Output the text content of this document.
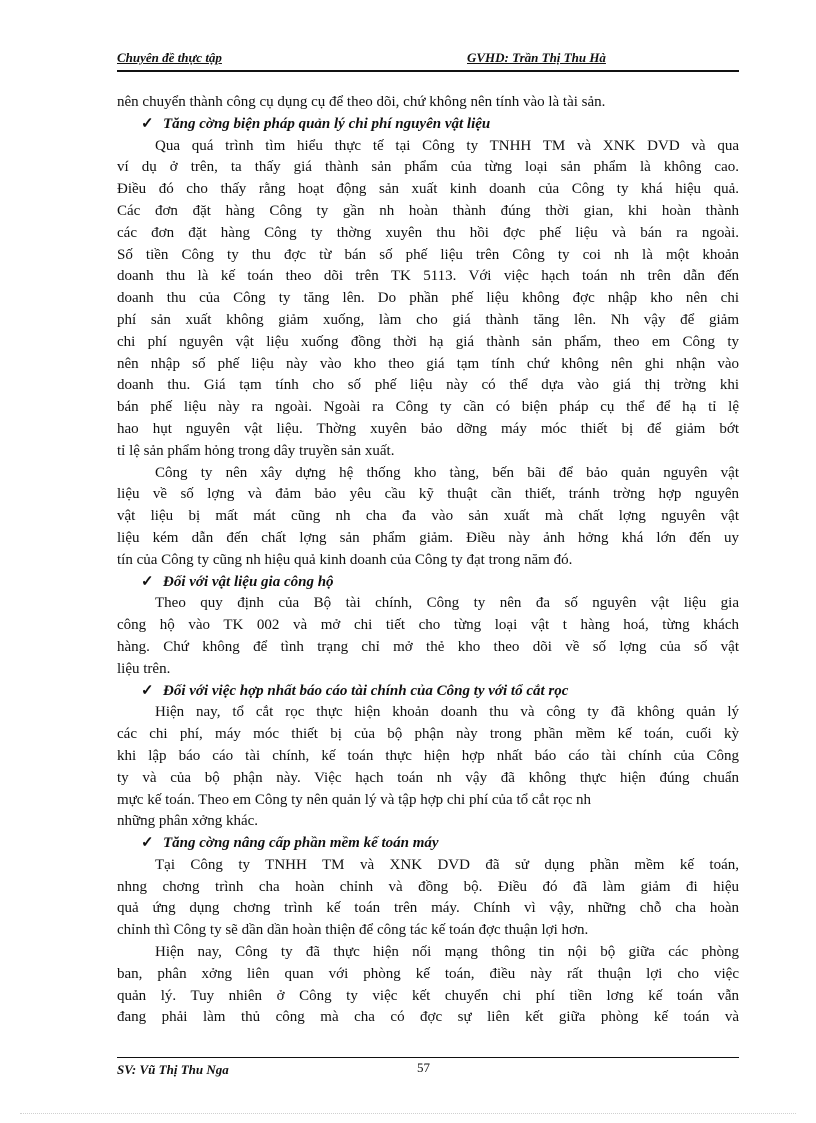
Chuyên đề thực tập	GVHD: Trần Thị Thu Hà
nên chuyển thành công cụ dụng cụ để theo dõi, chứ không nên tính vào là tài sản.
✓ Tăng cờng biện pháp quản lý chi phí nguyên vật liệu
Qua quá trình tìm hiểu thực tế tại Công ty TNHH TM và XNK DVD và qua
ví dụ ở trên, ta thấy giá thành sản phẩm của từng loại sản phẩm là không cao.
Điều đó cho thấy rằng hoạt động sản xuất kinh doanh của Công ty khá hiệu quả.
Các đơn đặt hàng Công ty gần nh hoàn thành đúng thời gian, khi hoàn thành
các đơn đặt hàng Công ty thờng xuyên thu hồi đợc phế liệu và bán ra ngoài.
Số tiền Công ty thu đợc từ bán số phế liệu trên Công ty coi nh là một khoản
doanh thu là kế toán theo dõi trên TK 5113. Với việc hạch toán nh trên dẫn đến
doanh thu của Công ty tăng lên. Do phần phế liệu không đợc nhập kho nên chi
phí sản xuất không giảm xuống, làm cho giá thành tăng lên. Nh vậy để giảm
chi phí nguyên vật liệu xuống đồng thời hạ giá thành sản phẩm, theo em Công ty
nên nhập số phế liệu này vào kho theo giá tạm tính chứ không nên ghi nhận vào
doanh thu. Giá tạm tính cho số phế liệu này có thể dựa vào giá thị trờng khi
bán phế liệu này ra ngoài. Ngoài ra Công ty cần có biện pháp cụ thể để hạ tỉ lệ
hao hụt nguyên vật liệu. Thờng xuyên bảo dỡng máy móc thiết bị để giảm bớt
tỉ lệ sản phẩm hỏng trong dây truyền sản xuất.
Công ty nên xây dựng hệ thống kho tàng, bến bãi để bảo quản nguyên vật
liệu về số lợng và đảm bảo yêu cầu kỹ thuật cần thiết, tránh trờng hợp nguyên
vật liệu bị mất mát cũng nh cha đa vào sản xuất mà chất lợng nguyên vật
liệu kém dẫn đến chất lợng sản phẩm giảm. Điều này ảnh hởng khá lớn đến uy
tín của Công ty cũng nh hiệu quả kinh doanh của Công ty đạt trong năm đó.
✓ Đối với vật liệu gia công hộ
Theo quy định của Bộ tài chính, Công ty nên đa số nguyên vật liệu gia
công hộ vào TK 002 và mở chi tiết cho từng loại vật t hàng hoá, từng khách
hàng. Chứ không để tình trạng chỉ mở thẻ kho theo dõi về số lợng của số vật
liệu trên.
✓ Đối với việc hợp nhất báo cáo tài chính của Công ty với tổ cắt rọc
Hiện nay, tổ cắt rọc thực hiện khoản doanh thu và công ty đã không quản lý
các chi phí, máy móc thiết bị của bộ phận này trong phần mềm kế toán, cuối kỳ
khi lập báo cáo tài chính, kế toán thực hiện hợp nhất báo cáo tài chính của Công
ty và của bộ phận này. Việc hạch toán nh vậy đã không thực hiện đúng chuẩn
mực kế toán. Theo em Công ty nên quản lý và tập hợp chi phí của tổ cắt rọc nh
những phân xởng khác.
✓ Tăng cờng nâng cấp phần mềm kế toán máy
Tại Công ty TNHH TM và XNK DVD đã sử dụng phần mềm kế toán,
nhng chơng trình cha hoàn chỉnh và đồng bộ. Điều đó đã làm giảm đi hiệu
quả ứng dụng chơng trình kế toán trên máy. Chính vì vậy, những chỗ cha hoàn
chỉnh thì Công ty sẽ dần dần hoàn thiện để công tác kế toán đợc thuận lợi hơn.
Hiện nay, Công ty đã thực hiện nối mạng thông tin nội bộ giữa các phòng
ban, phân xởng liên quan với phòng kế toán, điều này rất thuận lợi cho việc
quản lý. Tuy nhiên ở Công ty việc kết chuyển chi phí tiền lơng kế toán vẫn
đang phải làm thủ công mà cha có đợc sự liên kết giữa phòng kế toán và
SV: Vũ Thị Thu Nga	57
